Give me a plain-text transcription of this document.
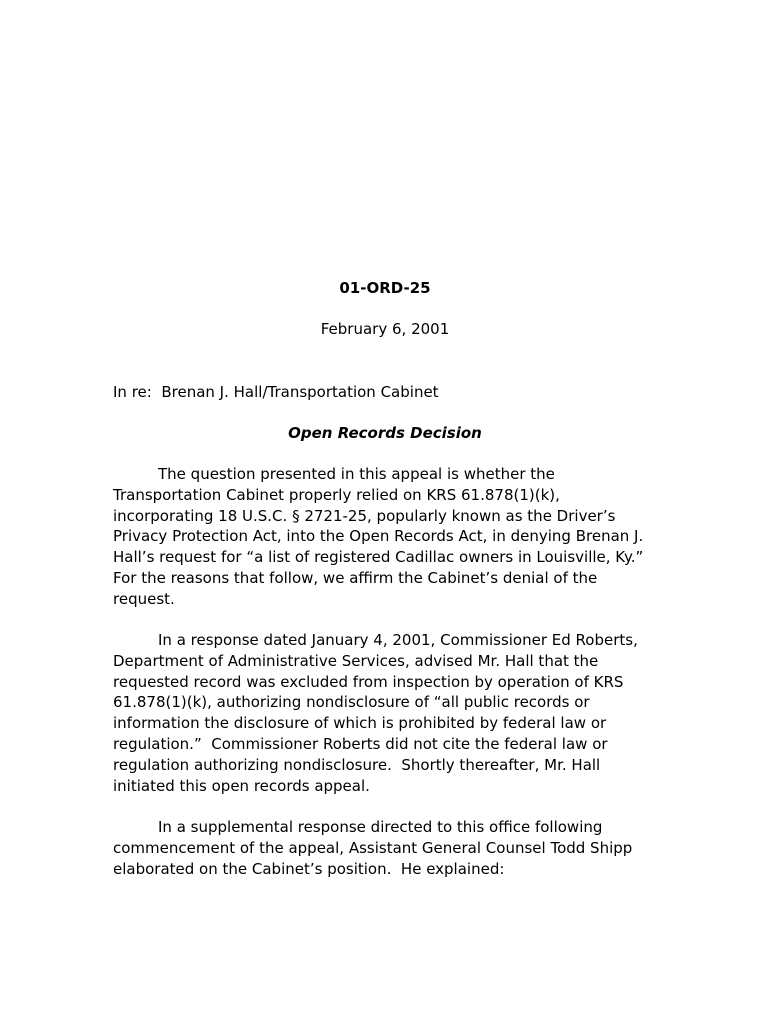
01-ORD-25
February 6, 2001
In re:  Brenan J. Hall/Transportation Cabinet
Open Records Decision
The question presented in this appeal is whether the
Transportation Cabinet properly relied on KRS 61.878(1)(k),
incorporating 18 U.S.C. § 2721-25, popularly known as the Driver’s
Privacy Protection Act, into the Open Records Act, in denying Brenan J.
Hall’s request for “a list of registered Cadillac owners in Louisville, Ky.”
For the reasons that follow, we affirm the Cabinet’s denial of the
request.
In a response dated January 4, 2001, Commissioner Ed Roberts,
Department of Administrative Services, advised Mr. Hall that the
requested record was excluded from inspection by operation of KRS
61.878(1)(k), authorizing nondisclosure of “all public records or
information the disclosure of which is prohibited by federal law or
regulation.”  Commissioner Roberts did not cite the federal law or
regulation authorizing nondisclosure.  Shortly thereafter, Mr. Hall
initiated this open records appeal.
In a supplemental response directed to this office following
commencement of the appeal, Assistant General Counsel Todd Shipp
elaborated on the Cabinet’s position.  He explained:
